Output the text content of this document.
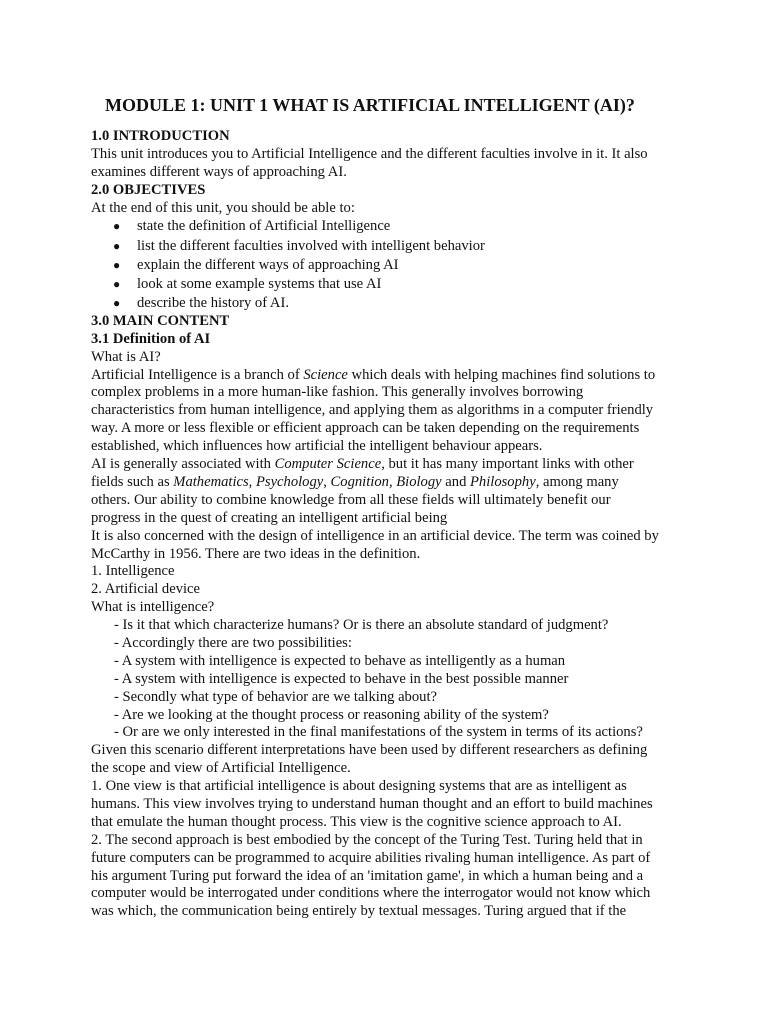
MODULE 1: UNIT 1 WHAT IS ARTIFICIAL INTELLIGENT (AI)?
1.0 INTRODUCTION
This unit introduces you to Artificial Intelligence and the different faculties involve in it. It also
examines different ways of approaching AI.
2.0 OBJECTIVES
At the end of this unit, you should be able to:
● state the definition of Artificial Intelligence
● list the different faculties involved with intelligent behavior
● explain the different ways of approaching AI
● look at some example systems that use AI
● describe the history of AI.
3.0 MAIN CONTENT
3.1 Definition of AI
What is AI?
Artificial Intelligence is a branch of Science which deals with helping machines find solutions to
complex problems in a more human-like fashion. This generally involves borrowing
characteristics from human intelligence, and applying them as algorithms in a computer friendly
way. A more or less flexible or efficient approach can be taken depending on the requirements
established, which influences how artificial the intelligent behaviour appears.
AI is generally associated with Computer Science, but it has many important links with other
fields such as Mathematics, Psychology, Cognition, Biology and Philosophy, among many
others. Our ability to combine knowledge from all these fields will ultimately benefit our
progress in the quest of creating an intelligent artificial being
It is also concerned with the design of intelligence in an artificial device. The term was coined by
McCarthy in 1956. There are two ideas in the definition.
1. Intelligence
2. Artificial device
What is intelligence?
- Is it that which characterize humans? Or is there an absolute standard of judgment?
- Accordingly there are two possibilities:
- A system with intelligence is expected to behave as intelligently as a human
- A system with intelligence is expected to behave in the best possible manner
- Secondly what type of behavior are we talking about?
- Are we looking at the thought process or reasoning ability of the system?
- Or are we only interested in the final manifestations of the system in terms of its actions?
Given this scenario different interpretations have been used by different researchers as defining
the scope and view of Artificial Intelligence.
1. One view is that artificial intelligence is about designing systems that are as intelligent as
humans. This view involves trying to understand human thought and an effort to build machines
that emulate the human thought process. This view is the cognitive science approach to AI.
2. The second approach is best embodied by the concept of the Turing Test. Turing held that in
future computers can be programmed to acquire abilities rivaling human intelligence. As part of
his argument Turing put forward the idea of an 'imitation game', in which a human being and a
computer would be interrogated under conditions where the interrogator would not know which
was which, the communication being entirely by textual messages. Turing argued that if the
